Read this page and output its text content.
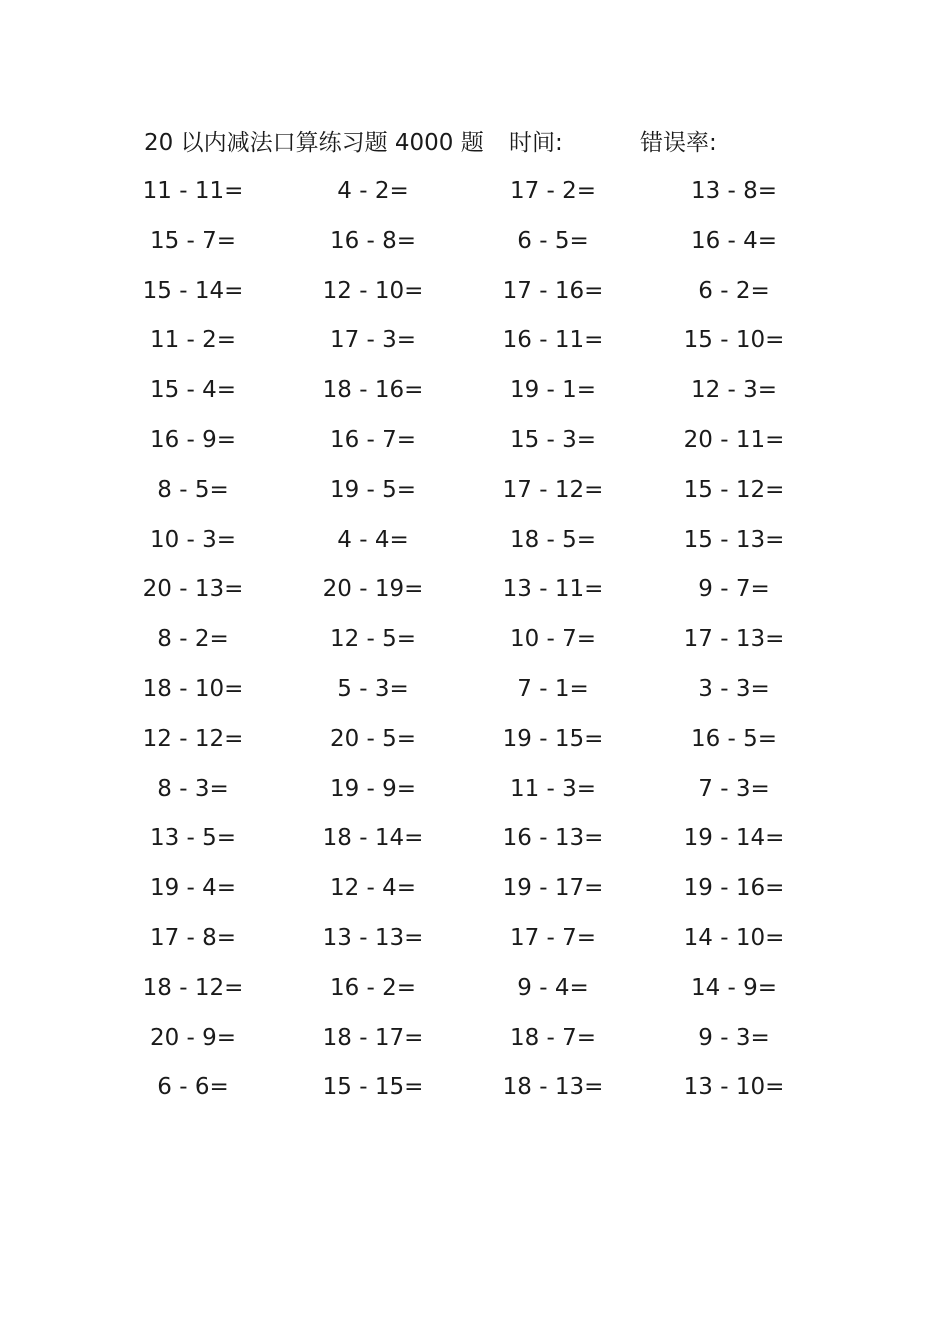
20 以内减法口算练习题 4000 题 时间:	错误率:
11 - 11=	4 - 2=	17 - 2=	13 - 8=
15 - 7=	16 - 8=	6 - 5=	16 - 4=
15 - 14=	12 - 10=	17 - 16=	6 - 2=
11 - 2=	17 - 3=	16 - 11=	15 - 10=
15 - 4=	18 - 16=	19 - 1=	12 - 3=
16 - 9=	16 - 7=	15 - 3=	20 - 11=
8 - 5=	19 - 5=	17 - 12=	15 - 12=
10 - 3=	4 - 4=	18 - 5=	15 - 13=
20 - 13=	20 - 19=	13 - 11=	9 - 7=
8 - 2=	12 - 5=	10 - 7=	17 - 13=
18 - 10=	5 - 3=	7 - 1=	3 - 3=
12 - 12=	20 - 5=	19 - 15=	16 - 5=
8 - 3=	19 - 9=	11 - 3=	7 - 3=
13 - 5=	18 - 14=	16 - 13=	19 - 14=
19 - 4=	12 - 4=	19 - 17=	19 - 16=
17 - 8=	13 - 13=	17 - 7=	14 - 10=
18 - 12=	16 - 2=	9 - 4=	14 - 9=
20 - 9=	18 - 17=	18 - 7=	9 - 3=
6 - 6=	15 - 15=	18 - 13=	13 - 10=
